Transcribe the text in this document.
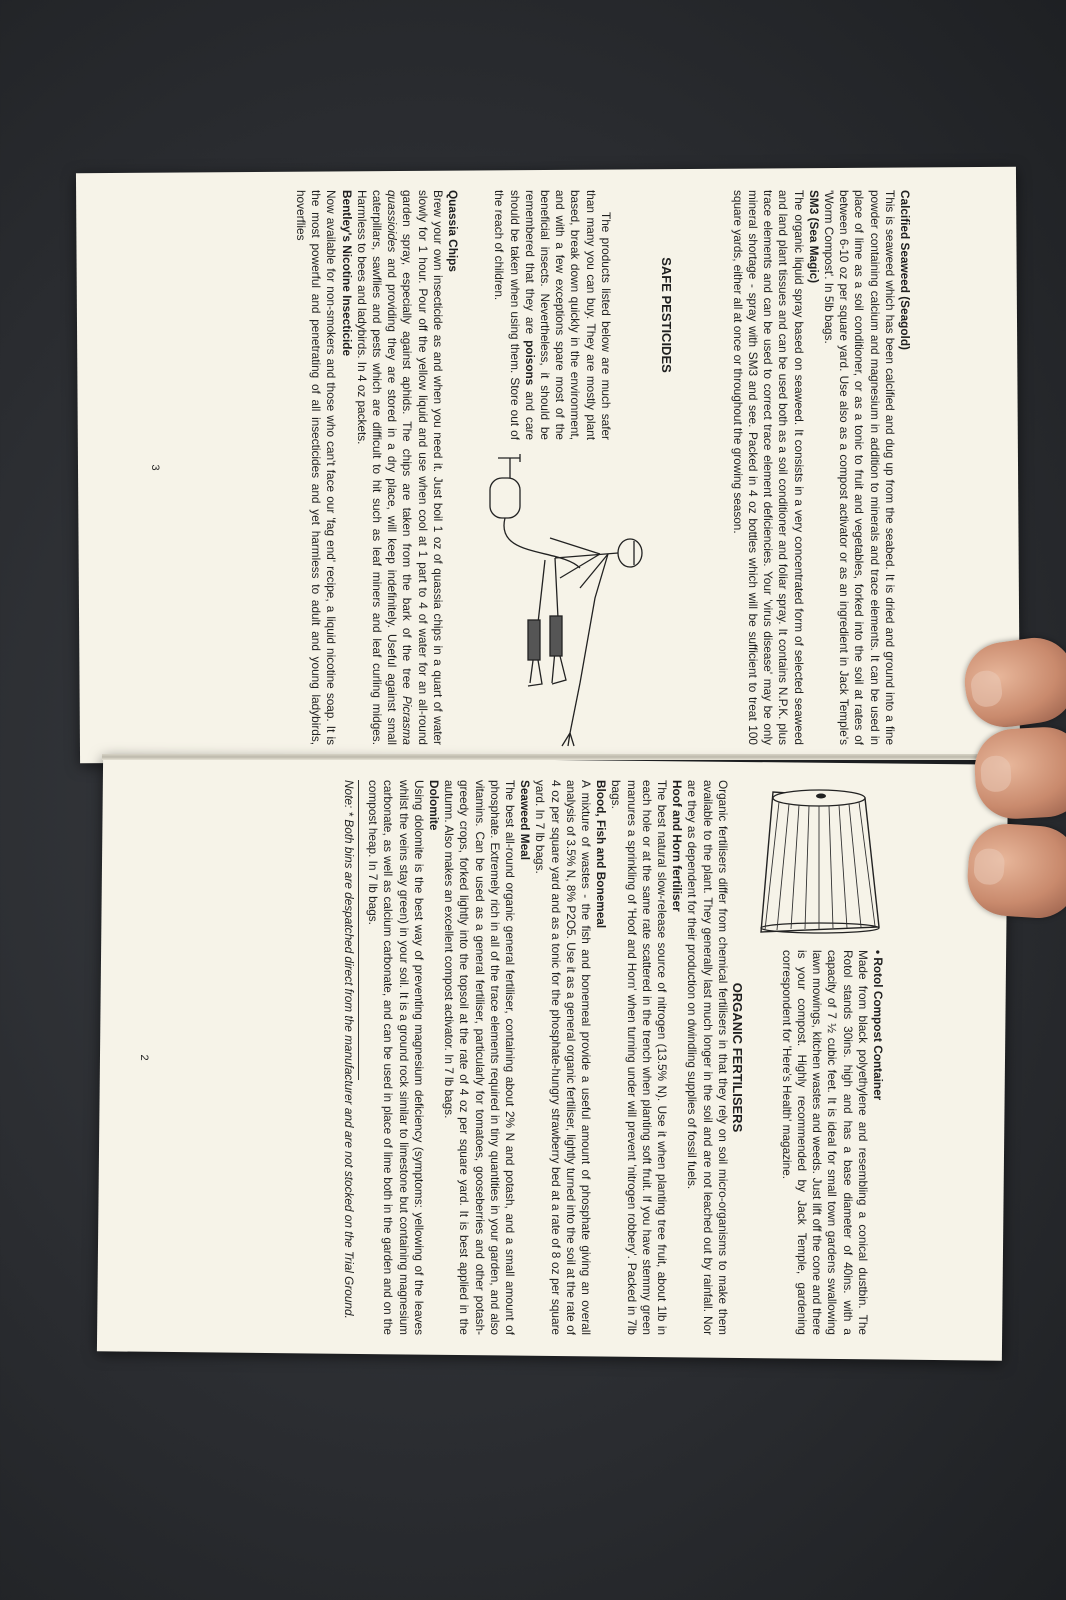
• Rotol Compost Container

Made from black polyethylene and resembling a conical dustbin. The Rotol stands 30ins. high and has a base diameter of 40ins. with a capacity of 7 ½ cubic feet. It is ideal for small town gardens swallowing lawn mowings, kitchen wastes and weeds. Just lift off the cone and there is your compost. Highly recommended by Jack Temple, gardening correspondent for 'Here's Health' magazine.

ORGANIC FERTILISERS

Organic fertilisers differ from chemical fertilisers in that they rely on soil micro-organisms to make them available to the plant. They generally last much longer in the soil and are not leached out by rainfall. Nor are they as dependent for their production on dwindling supplies of fossil fuels.

Hoof and Horn fertiliser

The best natural slow-release source of nitrogen (13.5% N). Use it when planting tree fruit, about 1lb in each hole or at the same rate scattered in the trench when planting soft fruit. If you have stemmy green manures a sprinkling of 'Hoof and Horn' when turning under will prevent 'nitrogen robbery'. Packed in 7lb bags.

Blood, Fish and Bonemeal

A mixture of wastes - the fish and bonemeal provide a useful amount of phosphate giving an overall analysis of 3.5% N, 8% P2O5. Use it as a general organic fertiliser, lightly turned into the soil at the rate of 4 oz per square yard and as a tonic for the phosphate-hungry strawberry bed at a rate of 8 oz per square yard. In 7 lb bags.

Seaweed Meal

The best all-round organic general fertiliser, containing about 2% N and potash, and a small amount of phosphate. Extremely rich in all of the trace elements required in tiny quantities in your garden, and also vitamins. Can be used as a general fertiliser, particularly for tomatoes, gooseberries and other potash-greedy crops, forked lightly into the topsoil at the rate of 4 oz per square yard. It is best applied in the autumn. Also makes an excellent compost activator. In 7 lb bags.

Dolomite

Using dolomite is the best way of preventing magnesium deficiency (symptoms: yellowing of the leaves whilst the veins stay green) in your soil. It is a ground rock similar to limestone but containing magnesium carbonate, as well as calcium carbonate, and can be used in place of lime both in the garden and on the compost heap. In 7 lb bags.

Note: * Both bins are despatched direct from the manufacturer and are not stocked on the Trial Ground.

2

Calcified Seaweed (Seagold)

This is seaweed which has been calcified and dug up from the seabed. It is dried and ground into a fine powder containing calcium and magnesium in addition to minerals and trace elements. It can be used in place of lime as a soil conditioner, or as a tonic to fruit and vegetables, forked into the soil at rates of between 6-10 oz per square yard. Use also as a compost activator or as an ingredient in Jack Temple's 'Worm Compost'. In 5lb bags.

SM3 (Sea Magic)

The organic liquid spray based on seaweed. It consists in a very concentrated form of selected seaweed and land plant tissues and can be used both as a soil conditioner and foliar spray. It contains N.P.K. plus trace elements and can be used to correct trace element deficiencies. Your 'virus disease' may be only mineral shortage - spray with SM3 and see. Packed in 4 oz bottles which will be sufficient to treat 100 square yards, either all at once or throughout the growing season.

SAFE PESTICIDES

The products listed below are much safer than many you can buy. They are mostly plant based, break down quickly in the environment, and with a few exceptions spare most of the beneficial insects. Nevertheless, it should be remembered that they are poisons and care should be taken when using them. Store out of the reach of children.

Quassia Chips

Brew your own insecticide as and when you need it. Just boil 1 oz of quassia chips in a quart of water slowly for 1 hour. Pour off the yellow liquid and use when cool at 1 part to 4 of water for an all-round garden spray, especially against aphids. The chips are taken from the bark of the tree Picrasma quassioides and providing they are stored in a dry place, will keep indefinitely. Useful against small caterpillars, sawflies and pests which are difficult to hit such as leaf miners and leaf curling midges. Harmless to bees and ladybirds. In 4 oz packets.

Bentley's Nicotine Insecticide

Now available for non-smokers and those who can't face our 'fag end' recipe, a liquid nicotine soap. It is the most powerful and penetrating of all insecticides and yet harmless to adult and young ladybirds, hoverflies

3
